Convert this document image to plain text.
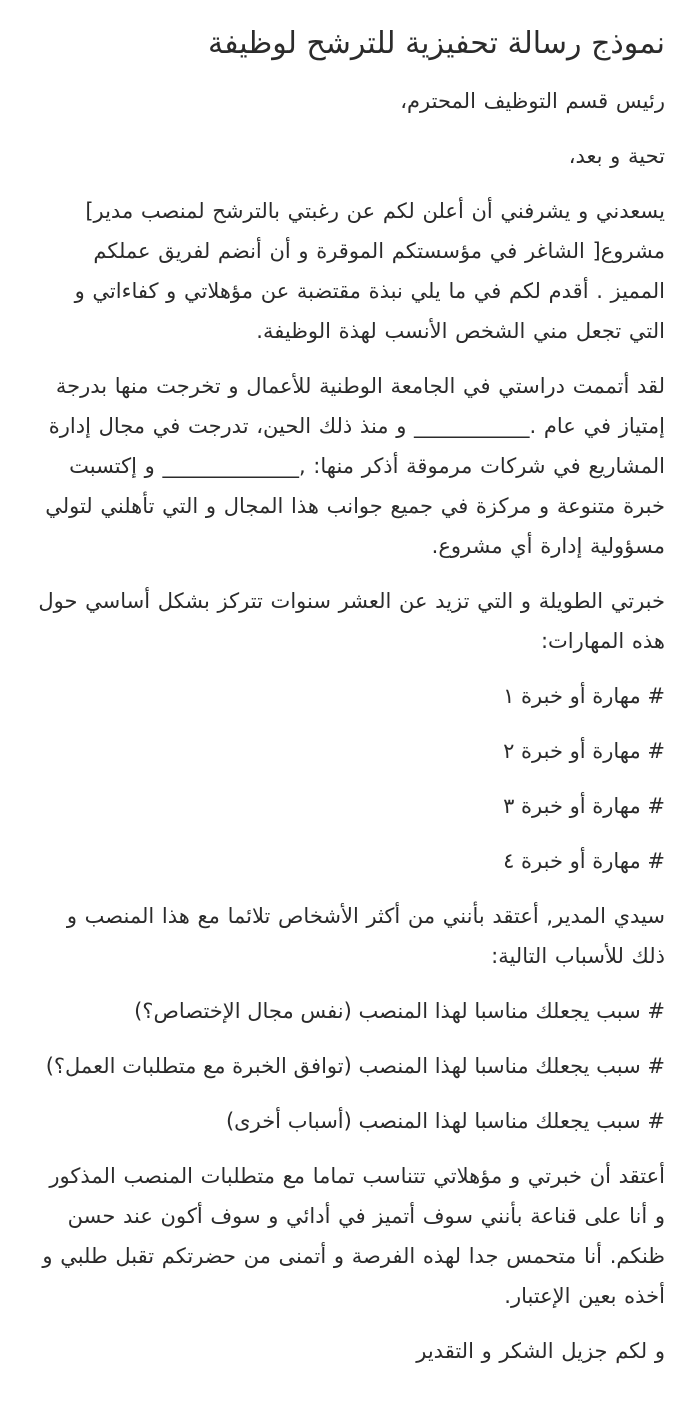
نموذج رسالة تحفيزية للترشح لوظيفة

رئيس قسم التوظيف المحترم،

تحية و بعد،

يسعدني و يشرفني أن أعلن لكم عن رغبتي بالترشح لمنصب مدير] مشروع[ الشاغر في مؤسستكم الموقرة و أن أنضم لفريق عملكم المميز . أقدم لكم في ما يلي نبذة مقتضبة عن مؤهلاتي و كفاءاتي و التي تجعل مني الشخص الأنسب لهذة الوظيفة.

لقد أتممت دراستي في الجامعة الوطنية للأعمال و تخرجت منها بدرجة إمتياز في عام .___________ و منذ ذلك الحين، تدرجت في مجال إدارة المشاريع في شركات مرموقة أذكر منها: ,_____________ و إكتسبت خبرة متنوعة و مركزة في جميع جوانب هذا المجال و التي تأهلني لتولي مسؤولية إدارة أي مشروع.

خبرتي الطويلة و التي تزيد عن العشر سنوات تتركز بشكل أساسي حول هذه المهارات:

# مهارة أو خبرة ١

# مهارة أو خبرة ٢

# مهارة أو خبرة ٣

# مهارة أو خبرة ٤

سيدي المدير, أعتقد بأنني من أكثر الأشخاص تلائما مع هذا المنصب و ذلك للأسباب التالية:

# سبب يجعلك مناسبا لهذا المنصب (نفس مجال الإختصاص؟)

# سبب يجعلك مناسبا لهذا المنصب (توافق الخبرة مع متطلبات العمل؟)

# سبب يجعلك مناسبا لهذا المنصب (أسباب أخرى)

أعتقد أن خبرتي و مؤهلاتي تتناسب تماما مع متطلبات المنصب المذكور و أنا على قناعة بأنني سوف أتميز في أدائي و سوف أكون عند حسن ظنكم. أنا متحمس جدا لهذه الفرصة و أتمنى من حضرتكم تقبل طلبي و أخذه بعين الإعتبار.

و لكم جزيل الشكر و التقدير
